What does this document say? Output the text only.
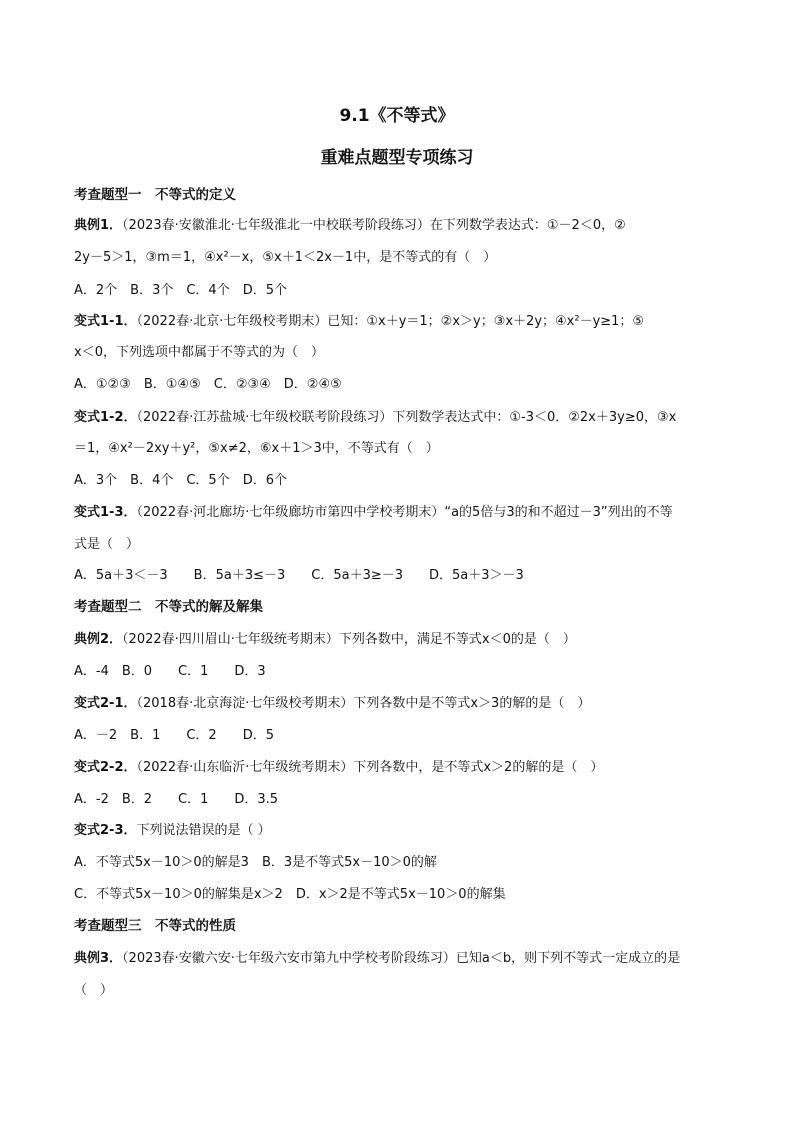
9.1《不等式》
重难点题型专项练习
考查题型一　不等式的定义
典例1．（2023春·安徽淮北·七年级淮北一中校联考阶段练习）在下列数学表达式：①－2＜0，②
2y－5＞1，③m＝1，④x²－x，⑤x＋1＜2x－1中，是不等式的有（　）
A．2个　B．3个　C．4个　D．5个
变式1-1．（2022春·北京·七年级校考期末）已知：①x＋y＝1；②x＞y；③x＋2y；④x²－y≥1；⑤
x＜0，下列选项中都属于不等式的为（　）
A．①②③　B．①④⑤　C．②③④　D．②④⑤
变式1-2．（2022春·江苏盐城·七年级校联考阶段练习）下列数学表达式中：①-3＜0．②2x＋3y≥0，③x
＝1，④x²－2xy＋y²，⑤x≠2，⑥x＋1＞3中，不等式有（　）
A．3个　B．4个　C．5个　D．6个
变式1-3．（2022春·河北廊坊·七年级廊坊市第四中学校考期末）“a的5倍与3的和不超过－3”列出的不等
式是（　）
A．5a＋3＜－3　　B．5a＋3≤－3　　C．5a＋3≥－3　　D．5a＋3＞－3
考查题型二　不等式的解及解集
典例2．（2022春·四川眉山·七年级统考期末）下列各数中，满足不等式x＜0的是（　）
A．-4　B．0　　C．1　　D．3
变式2-1．（2018春·北京海淀·七年级校考期末）下列各数中是不等式x＞3的解的是（　）
A．－2　B．1　　C．2　　D．5
变式2-2．（2022春·山东临沂·七年级统考期末）下列各数中，是不等式x＞2的解的是（　）
A．-2　B．2　　C．1　　D．3.5
变式2-3．下列说法错误的是（ ）
A．不等式5x－10＞0的解是3　B．3是不等式5x－10＞0的解
C．不等式5x－10＞0的解集是x＞2　D．x＞2是不等式5x－10＞0的解集
考查题型三　不等式的性质
典例3．（2023春·安徽六安·七年级六安市第九中学校考阶段练习）已知a＜b，则下列不等式一定成立的是
（　）
